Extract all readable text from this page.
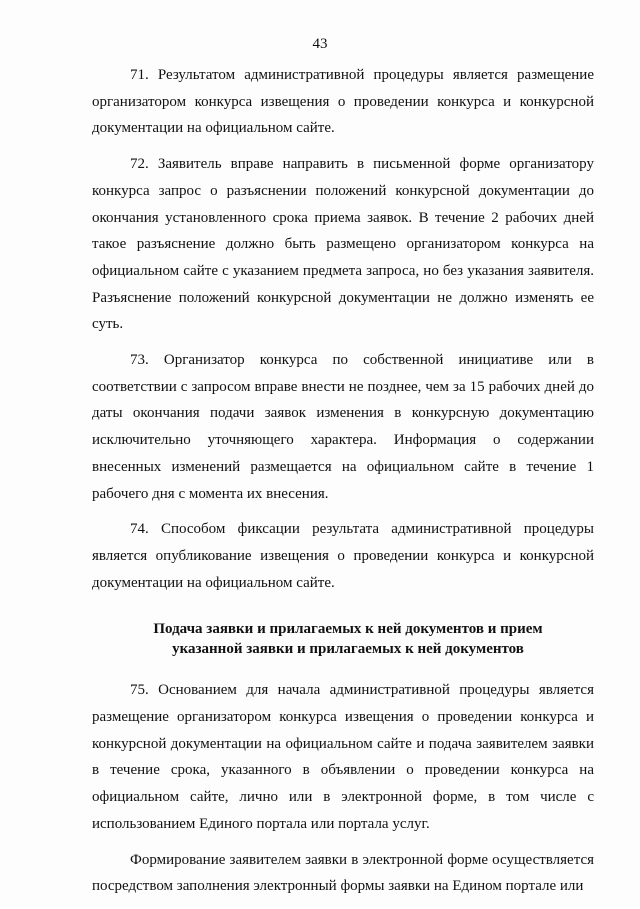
43

71. Результатом административной процедуры является размещение организатором конкурса извещения о проведении конкурса и конкурсной документации на официальном сайте.

72. Заявитель вправе направить в письменной форме организатору конкурса запрос о разъяснении положений конкурсной документации до окончания установленного срока приема заявок. В течение 2 рабочих дней такое разъяснение должно быть размещено организатором конкурса на официальном сайте с указанием предмета запроса, но без указания заявителя. Разъяснение положений конкурсной документации не должно изменять ее суть.

73. Организатор конкурса по собственной инициативе или в соответствии с запросом вправе внести не позднее, чем за 15 рабочих дней до даты окончания подачи заявок изменения в конкурсную документацию исключительно уточняющего характера. Информация о содержании внесенных изменений размещается на официальном сайте в течение 1 рабочего дня с момента их внесения.

74. Способом фиксации результата административной процедуры является опубликование извещения о проведении конкурса и конкурсной документации на официальном сайте.

Подача заявки и прилагаемых к ней документов и прием
указанной заявки и прилагаемых к ней документов

75. Основанием для начала административной процедуры является размещение организатором конкурса извещения о проведении конкурса и конкурсной документации на официальном сайте и подача заявителем заявки в течение срока, указанного в объявлении о проведении конкурса на официальном сайте, лично или в электронной форме, в том числе с использованием Единого портала или портала услуг.

Формирование заявителем заявки в электронной форме осуществляется посредством заполнения электронный формы заявки на Едином портале или
